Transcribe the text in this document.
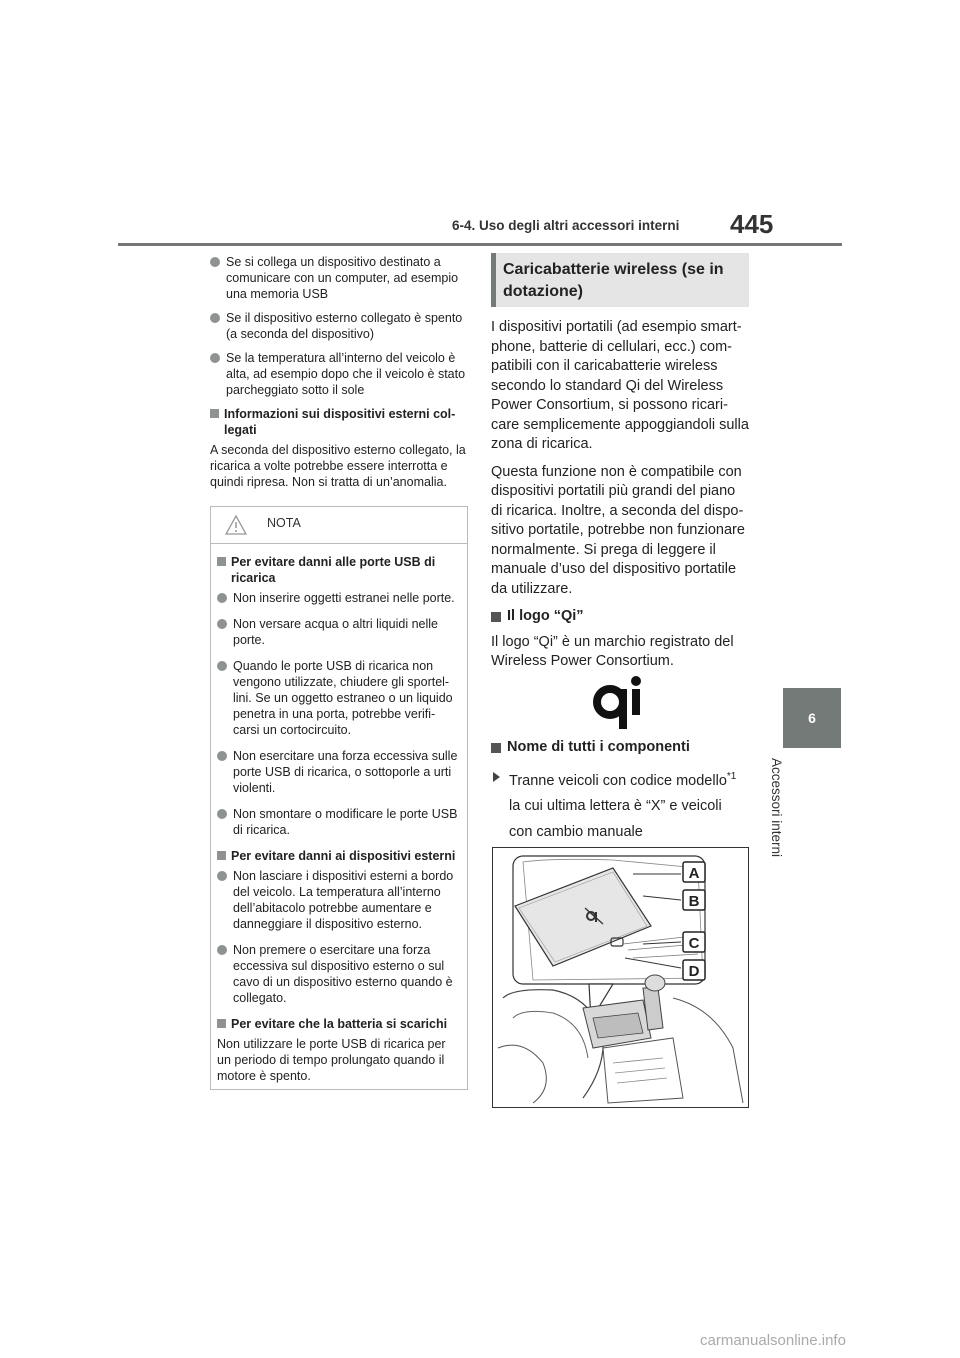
6-4. Uso degli altri accessori interni 445
6
Accessori interni
Se si collega un dispositivo destinato a comunicare con un computer, ad esempio una memoria USB
Se il dispositivo esterno collegato è spento (a seconda del dispositivo)
Se la temperatura all’interno del veicolo è alta, ad esempio dopo che il veicolo è stato parcheggiato sotto il sole
Informazioni sui dispositivi esterni col-legati
A seconda del dispositivo esterno collegato, la ricarica a volte potrebbe essere interrotta e quindi ripresa. Non si tratta di un’anomalia.
NOTA
Per evitare danni alle porte USB di ricarica
Non inserire oggetti estranei nelle porte.
Non versare acqua o altri liquidi nelle porte.
Quando le porte USB di ricarica non vengono utilizzate, chiudere gli sportel-lini. Se un oggetto estraneo o un liquido penetra in una porta, potrebbe verifi-carsi un cortocircuito.
Non esercitare una forza eccessiva sulle porte USB di ricarica, o sottoporle a urti violenti.
Non smontare o modificare le porte USB di ricarica.
Per evitare danni ai dispositivi esterni
Non lasciare i dispositivi esterni a bordo del veicolo. La temperatura all’interno dell’abitacolo potrebbe aumentare e danneggiare il dispositivo esterno.
Non premere o esercitare una forza eccessiva sul dispositivo esterno o sul cavo di un dispositivo esterno quando è collegato.
Per evitare che la batteria si scarichi
Non utilizzare le porte USB di ricarica per un periodo di tempo prolungato quando il motore è spento.
Caricabatterie wireless (se in dotazione)
I dispositivi portatili (ad esempio smart-phone, batterie di cellulari, ecc.) com-patibili con il caricabatterie wireless secondo lo standard Qi del Wireless Power Consortium, si possono ricari-care semplicemente appoggiandoli sulla zona di ricarica.
Questa funzione non è compatibile con dispositivi portatili più grandi del piano di ricarica. Inoltre, a seconda del dispo-sitivo portatile, potrebbe non funzionare normalmente. Si prega di leggere il manuale d’uso del dispositivo portatile da utilizzare.
Il logo “Qi”
Il logo “Qi” è un marchio registrato del Wireless Power Consortium.
Nome di tutti i componenti
Tranne veicoli con codice modello$^{*1}$
la cui ultima lettera è “X” e veicoli
con cambio manuale
A
B
C
D
carmanualsonline.info
